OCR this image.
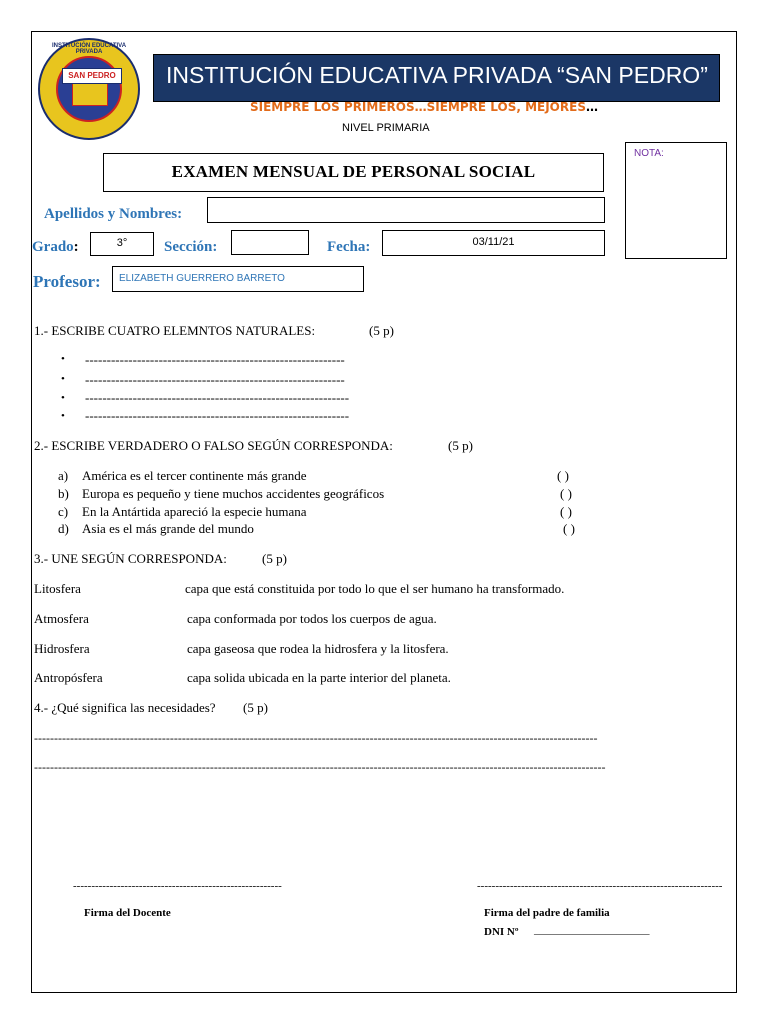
INSTITUCIÓN EDUCATIVA PRIVADA
SAN PEDRO	INSTITUCIÓN EDUCATIVA PRIVADA “SAN PEDRO”
SIEMPRE LOS PRIMEROS…SIEMPRE LOS, MEJORES…
NIVEL PRIMARIA
NOTA:
EXAMEN MENSUAL DE PERSONAL SOCIAL
Apellidos y Nombres:
Grado:	3°	Sección:	Fecha:	03/11/21
Profesor:	ELIZABETH GUERRERO BARRETO
1.- ESCRIBE CUATRO ELEMNTOS NATURALES:	(5 p)
• ------------------------------------------------------------
• ------------------------------------------------------------
• -------------------------------------------------------------
• -------------------------------------------------------------
2.- ESCRIBE VERDADERO O FALSO SEGÚN CORRESPONDA:	(5 p)
a) América es el tercer continente más grande	( )
b) Europa es pequeño y tiene muchos accidentes geográficos	( )
c) En la Antártida apareció la especie humana	( )
d) Asia es el más grande del mundo	( )
3.- UNE SEGÚN CORRESPONDA:	(5 p)
Litosfera	capa que está constituida por todo lo que el ser humano ha transformado.
Atmosfera	capa conformada por todos los cuerpos de agua.
Hidrosfera	capa gaseosa que rodea la hidrosfera y la litosfera.
Antropósfera	capa solida ubicada en la parte interior del planeta.
4.- ¿Qué significa las necesidades? (5 p)
---------------------------------------------------------------------------------------------------------------------------------------------
-----------------------------------------------------------------------------------------------------------------------------------------------
---------------------------------------------------------
Firma del Docente
-------------------------------------------------------------------
Firma del padre de familia
DNI Nº _____________________
